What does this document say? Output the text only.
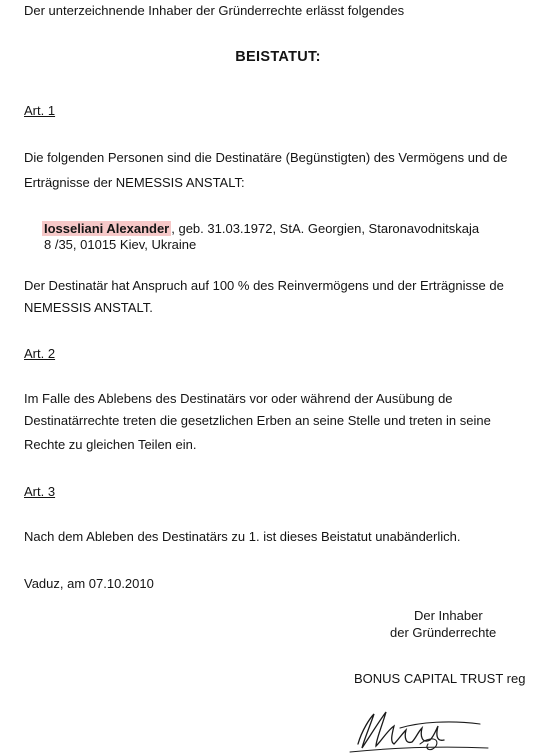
Der unterzeichnende Inhaber der Gründerrechte erlässt folgendes
BEISTATUT:
Art. 1
Die folgenden Personen sind die Destinatäre (Begünstigten) des Vermögens und de
Erträgnisse der NEMESSIS ANSTALT:
Iosseliani Alexander , geb. 31.03.1972, StA. Georgien, Staronavodnitskaja
8 /35, 01015 Kiev, Ukraine
Der Destinatär hat Anspruch auf 100 % des Reinvermögens und der Erträgnisse de
NEMESSIS ANSTALT.
Art. 2
Im Falle des Ablebens des Destinatärs vor oder während der Ausübung de
Destinatärrechte treten die gesetzlichen Erben an seine Stelle und treten in seine
Rechte zu gleichen Teilen ein.
Art. 3
Nach dem Ableben des Destinatärs zu 1. ist dieses Beistatut unabänderlich.
Vaduz, am 07.10.2010
Der Inhaber
der Gründerrechte
BONUS CAPITAL TRUST reg
